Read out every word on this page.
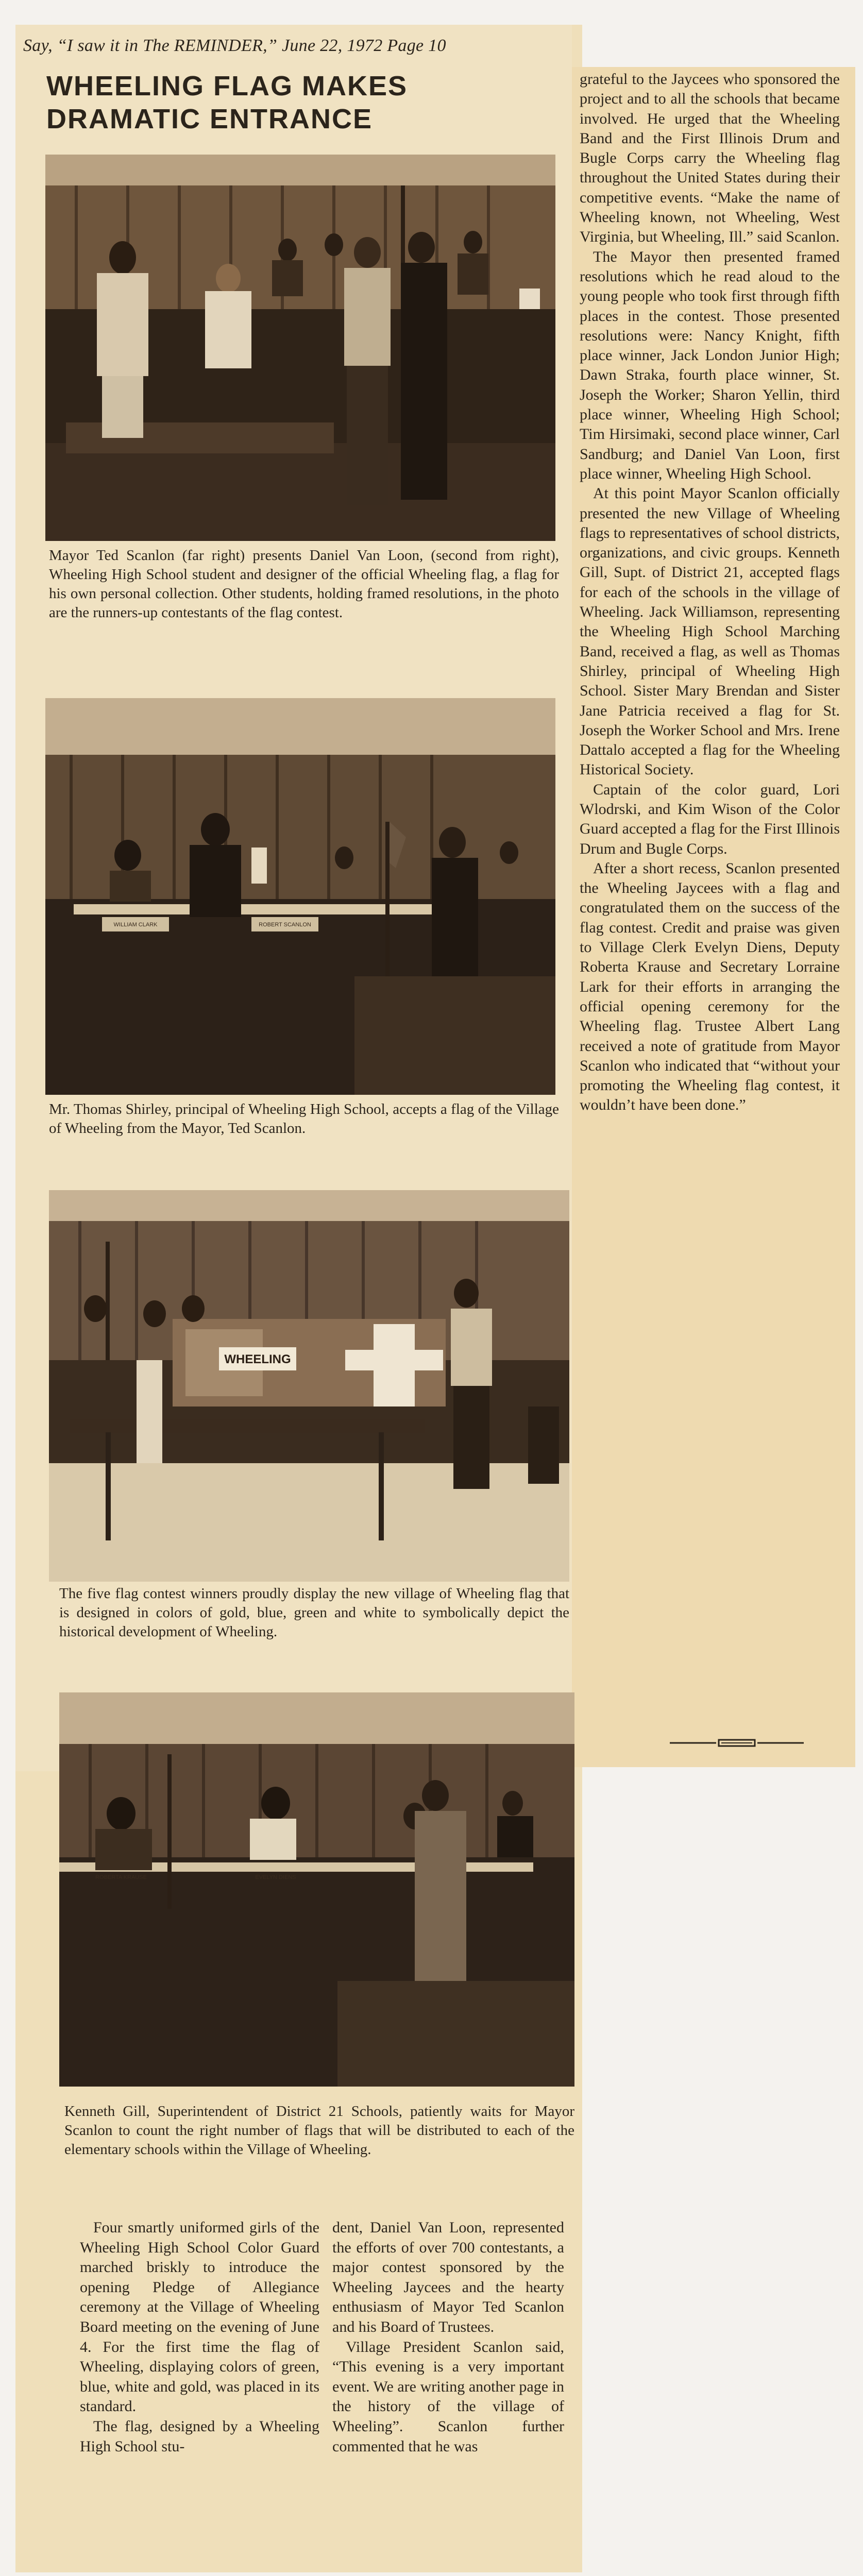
Say, “I saw it in The REMINDER,” June 22, 1972 Page 10
WHEELING FLAG MAKES
DRAMATIC ENTRANCE
Mayor Ted Scanlon (far right) presents Daniel Van Loon, (second from right), Wheeling High School student and designer of the official Wheeling flag, a flag for his own personal collection. Other students, holding framed resolutions, in the photo are the runners-up contestants of the flag contest.
WILLIAM CLARK	ROBERT SCANLON
Mr. Thomas Shirley, principal of Wheeling High School, accepts a flag of the Village of Wheeling from the Mayor, Ted Scanlon.
WHEELING
The five flag contest winners proudly display the new village of Wheeling flag that is designed in colors of gold, blue, green and white to symbolically depict the historical development of Wheeling.
ROBERTA KRAUSE	EVELYN DIENS
Kenneth Gill, Superintendent of District 21 Schools, patiently waits for Mayor Scanlon to count the right number of flags that will be distributed to each of the elementary schools within the Village of Wheeling.

Four smartly uniformed girls of the Wheeling High School Color Guard marched briskly to introduce the opening Pledge of Allegiance ceremony at the Village of Wheeling Board meeting on the evening of June 4. For the first time the flag of Wheeling, displaying colors of green, blue, white and gold, was placed in its standard.

The flag, designed by a Wheeling High School stu-

dent, Daniel Van Loon, represented the efforts of over 700 contestants, a major contest sponsored by the Wheeling Jaycees and the hearty enthusiasm of Mayor Ted Scanlon and his Board of Trustees.

Village President Scanlon said, “This evening is a very important event. We are writing another page in the history of the village of Wheeling”. Scanlon further commented that he was

grateful to the Jaycees who sponsored the project and to all the schools that became involved. He urged that the Wheeling Band and the First Illinois Drum and Bugle Corps carry the Wheeling flag throughout the United States during their competitive events. “Make the name of Wheeling known, not Wheeling, West Virginia, but Wheeling, Ill.” said Scanlon.

The Mayor then presented framed resolutions which he read aloud to the young people who took first through fifth places in the contest. Those presented resolutions were: Nancy Knight, fifth place winner, Jack London Junior High; Dawn Straka, fourth place winner, St. Joseph the Worker; Sharon Yellin, third place winner, Wheeling High School; Tim Hirsimaki, second place winner, Carl Sandburg; and Daniel Van Loon, first place winner, Wheeling High School.

At this point Mayor Scanlon officially presented the new Village of Wheeling flags to representatives of school districts, organizations, and civic groups. Kenneth Gill, Supt. of District 21, accepted flags for each of the schools in the village of Wheeling. Jack Williamson, representing the Wheeling High School Marching Band, received a flag, as well as Thomas Shirley, principal of Wheeling High School. Sister Mary Brendan and Sister Jane Patricia received a flag for St. Joseph the Worker School and Mrs. Irene Dattalo accepted a flag for the Wheeling Historical Society.

Captain of the color guard, Lori Wlodrski, and Kim Wison of the Color Guard accepted a flag for the First Illinois Drum and Bugle Corps.

After a short recess, Scanlon presented the Wheeling Jaycees with a flag and congratulated them on the success of the flag contest. Credit and praise was given to Village Clerk Evelyn Diens, Deputy Roberta Krause and Secretary Lorraine Lark for their efforts in arranging the official opening ceremony for the Wheeling flag. Trustee Albert Lang received a note of gratitude from Mayor Scanlon who indicated that “without your promoting the Wheeling flag contest, it wouldn’t have been done.”
